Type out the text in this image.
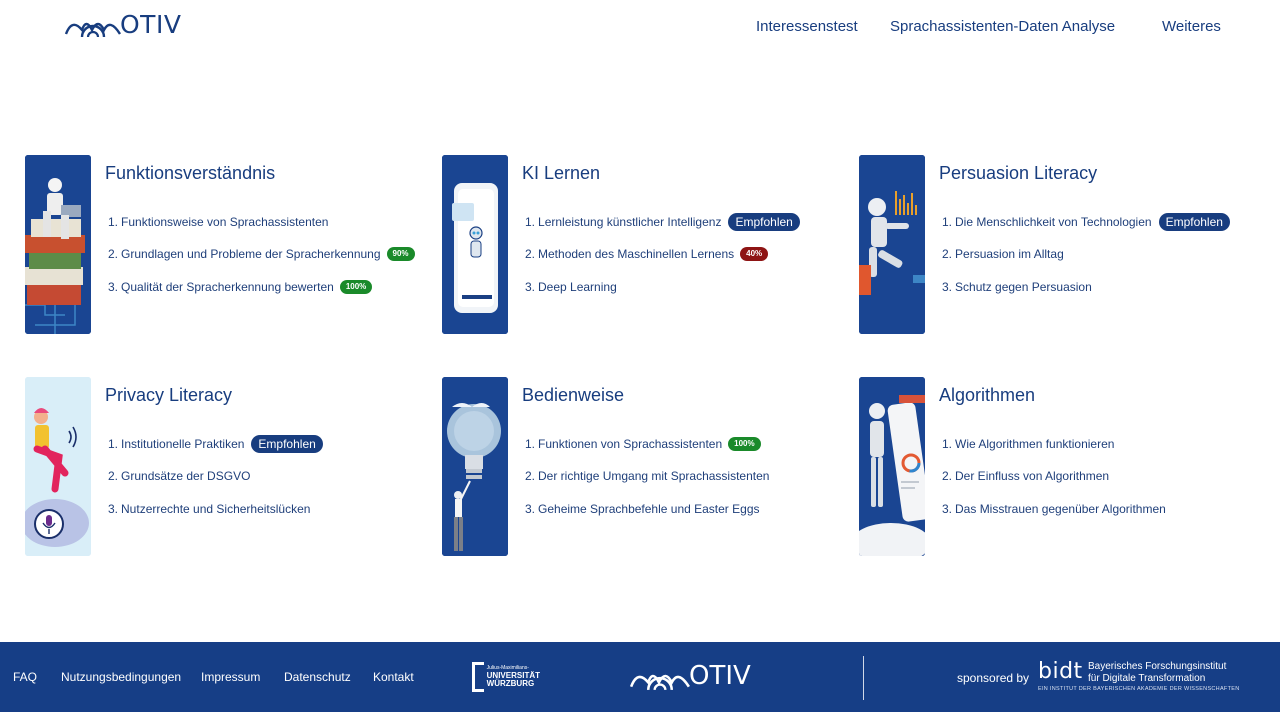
OTIV	Interessenstest Sprachassistenten-Daten Analyse	Weiteres
Funktionsverständnis
1. Funktionsweise von Sprachassistenten
2. Grundlagen und Probleme der Spracherkennung	90%
3. Qualität der Spracherkennung bewerten	100%
KI Lernen
1. Lernleistung künstlicher Intelligenz	Empfohlen
2. Methoden des Maschinellen Lernens	40%
3. Deep Learning
Persuasion Literacy
1. Die Menschlichkeit von Technologien	Empfohlen
2. Persuasion im Alltag
3. Schutz gegen Persuasion
Privacy Literacy
1. Institutionelle Praktiken	Empfohlen
2. Grundsätze der DSGVO
3. Nutzerrechte und Sicherheitslücken
Bedienweise
1. Funktionen von Sprachassistenten	100%
2. Der richtige Umgang mit Sprachassistenten
3. Geheime Sprachbefehle und Easter Eggs
Algorithmen
1. Wie Algorithmen funktionieren
2. Der Einfluss von Algorithmen
3. Das Misstrauen gegenüber Algorithmen
FAQ Nutzungsbedingungen Impressum Datenschutz Kontakt
Julius-Maximilians-
UNIVERSITÄT
WÜRZBURG	OTIV	sponsored by bidt Bayerisches Forschungsinstitut
für Digitale Transformation
EIN INSTITUT DER BAYERISCHEN AKADEMIE DER WISSENSCHAFTEN
